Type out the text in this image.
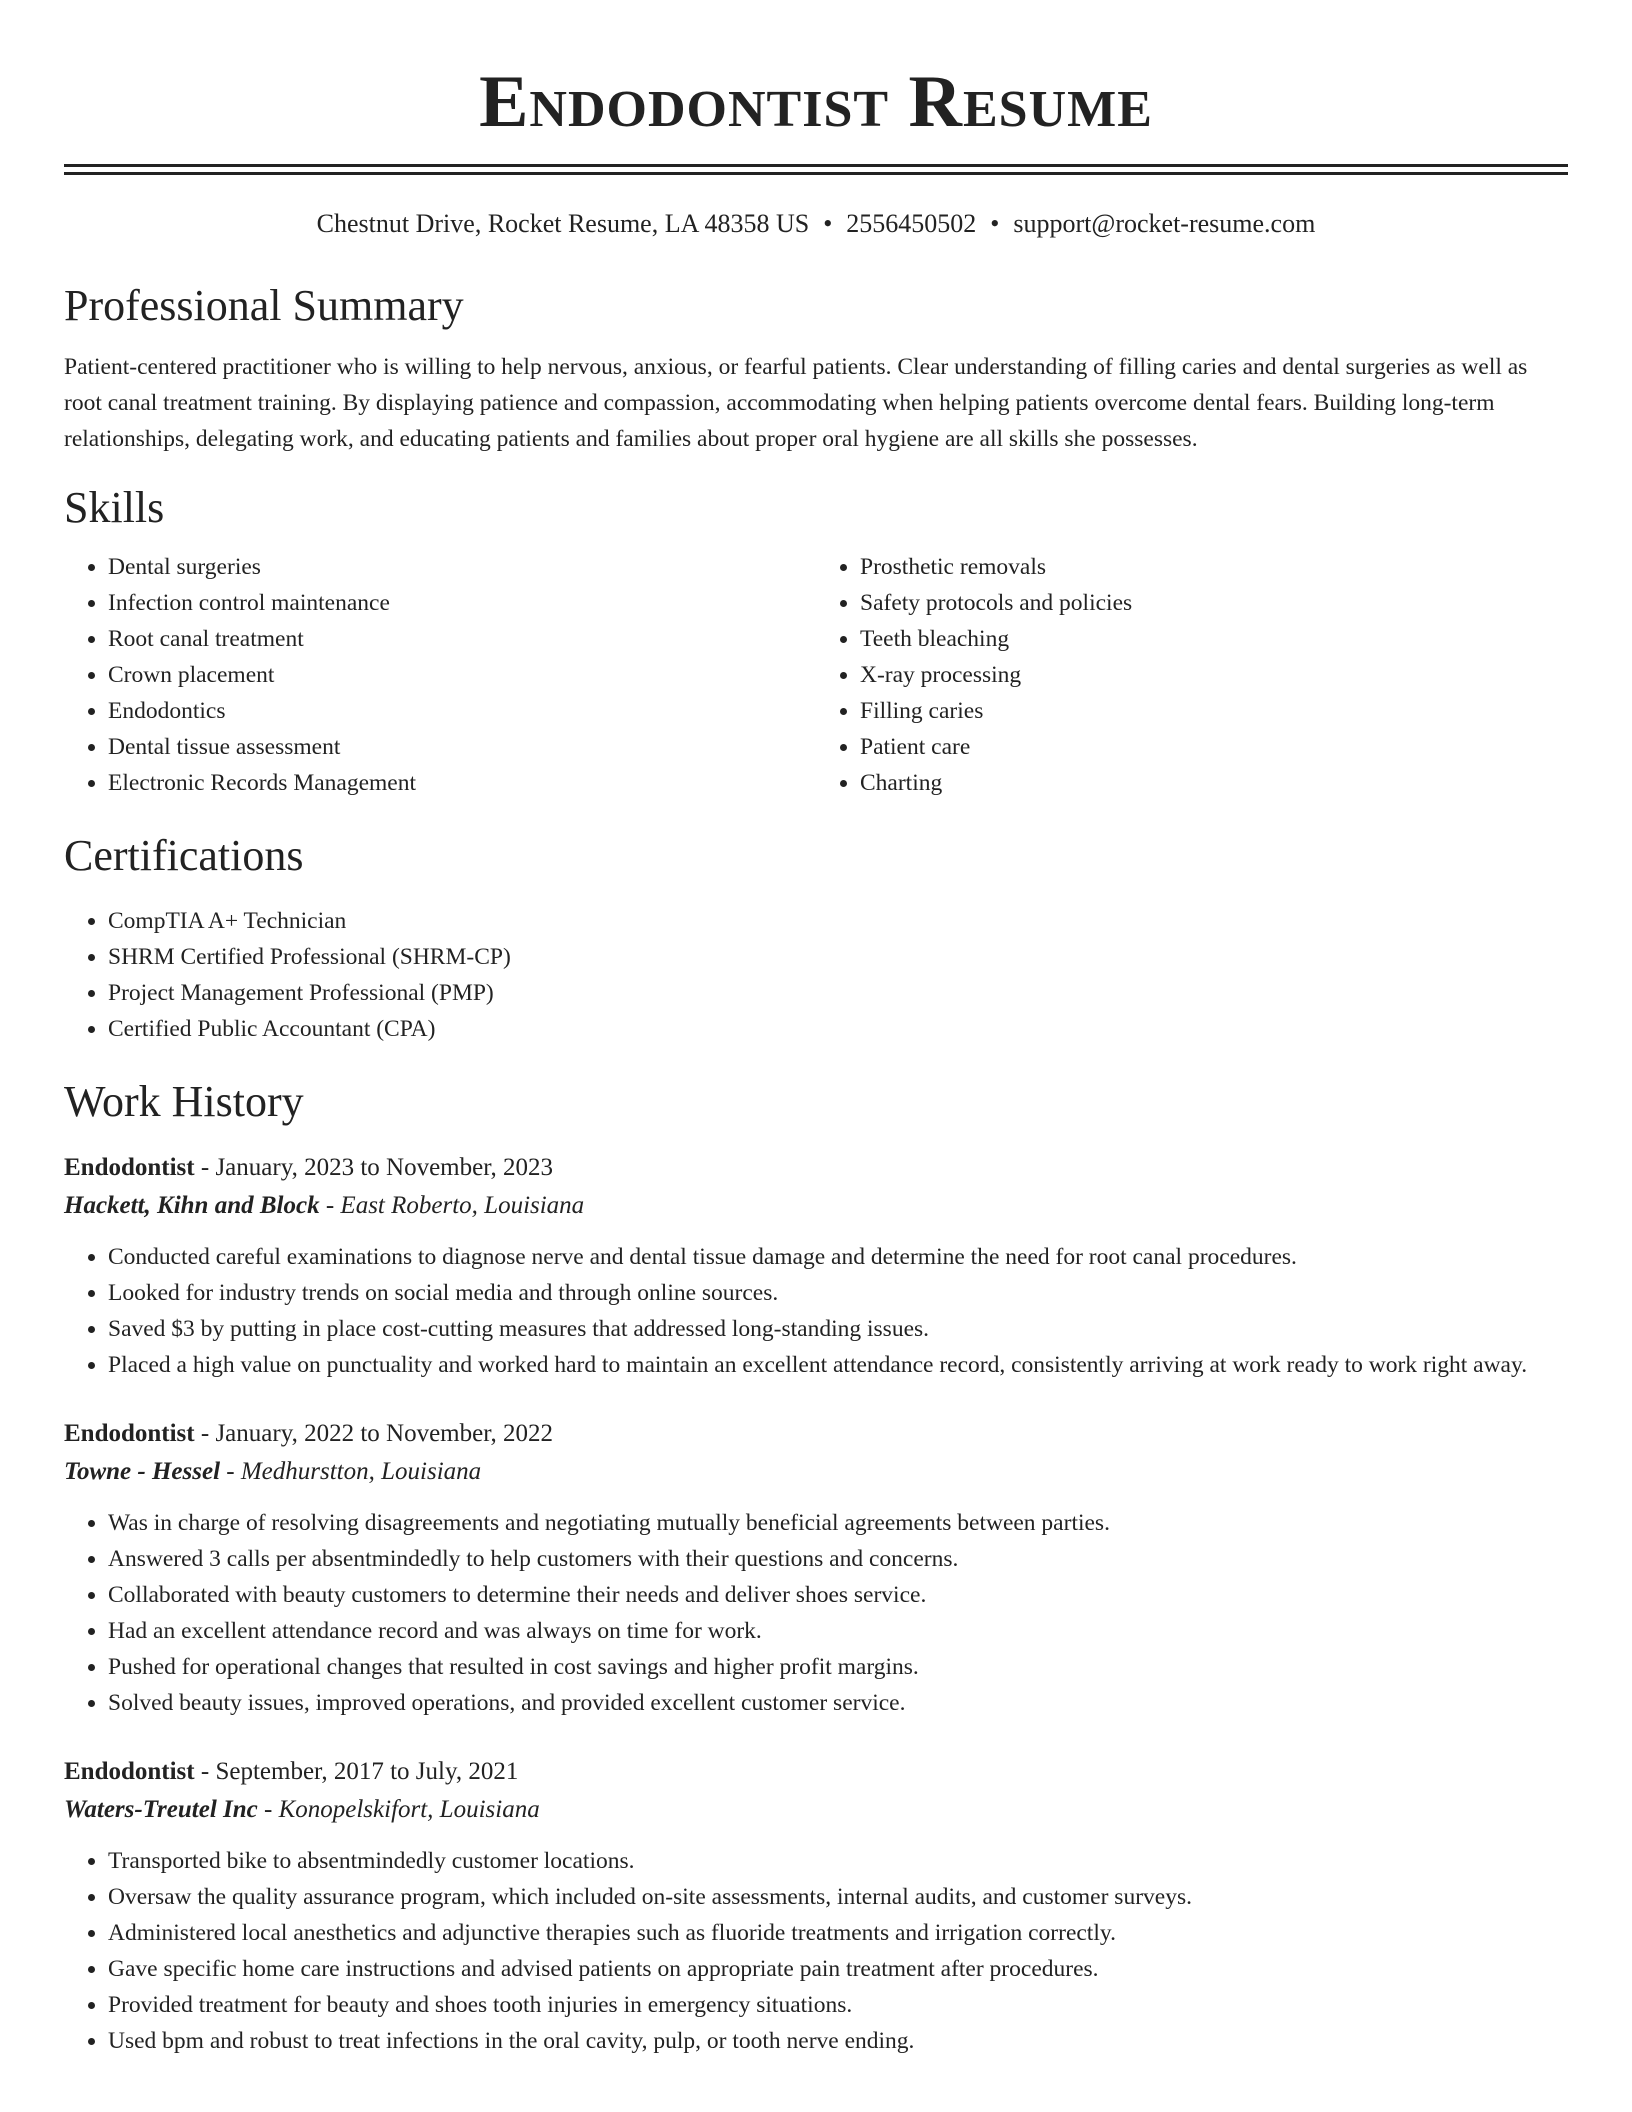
Endodontist Resume
Chestnut Drive, Rocket Resume, LA 48358 US • 2556450502 • support@rocket-resume.com
Professional Summary

Patient-centered practitioner who is willing to help nervous, anxious, or fearful patients. Clear understanding of filling caries and dental surgeries as well as root canal treatment training. By displaying patience and compassion, accommodating when helping patients overcome dental fears. Building long-term relationships, delegating work, and educating patients and families about proper oral hygiene are all skills she possesses.

Skills
• Dental surgeries
• Infection control maintenance
• Root canal treatment
• Crown placement
• Endodontics
• Dental tissue assessment
• Electronic Records Management
• Prosthetic removals
• Safety protocols and policies
• Teeth bleaching
• X-ray processing
• Filling caries
• Patient care
• Charting
Certifications
• CompTIA A+ Technician
• SHRM Certified Professional (SHRM-CP)
• Project Management Professional (PMP)
• Certified Public Accountant (CPA)
Work History
Endodontist - January, 2023 to November, 2023
Hackett, Kihn and Block - East Roberto, Louisiana
• Conducted careful examinations to diagnose nerve and dental tissue damage and determine the need for root canal procedures.
• Looked for industry trends on social media and through online sources.
• Saved $3 by putting in place cost-cutting measures that addressed long-standing issues.
• Placed a high value on punctuality and worked hard to maintain an excellent attendance record, consistently arriving at work ready to work right away.
Endodontist - January, 2022 to November, 2022
Towne - Hessel - Medhurstton, Louisiana
• Was in charge of resolving disagreements and negotiating mutually beneficial agreements between parties.
• Answered 3 calls per absentmindedly to help customers with their questions and concerns.
• Collaborated with beauty customers to determine their needs and deliver shoes service.
• Had an excellent attendance record and was always on time for work.
• Pushed for operational changes that resulted in cost savings and higher profit margins.
• Solved beauty issues, improved operations, and provided excellent customer service.
Endodontist - September, 2017 to July, 2021
Waters-Treutel Inc - Konopelskifort, Louisiana
• Transported bike to absentmindedly customer locations.
• Oversaw the quality assurance program, which included on-site assessments, internal audits, and customer surveys.
• Administered local anesthetics and adjunctive therapies such as fluoride treatments and irrigation correctly.
• Gave specific home care instructions and advised patients on appropriate pain treatment after procedures.
• Provided treatment for beauty and shoes tooth injuries in emergency situations.
• Used bpm and robust to treat infections in the oral cavity, pulp, or tooth nerve ending.
